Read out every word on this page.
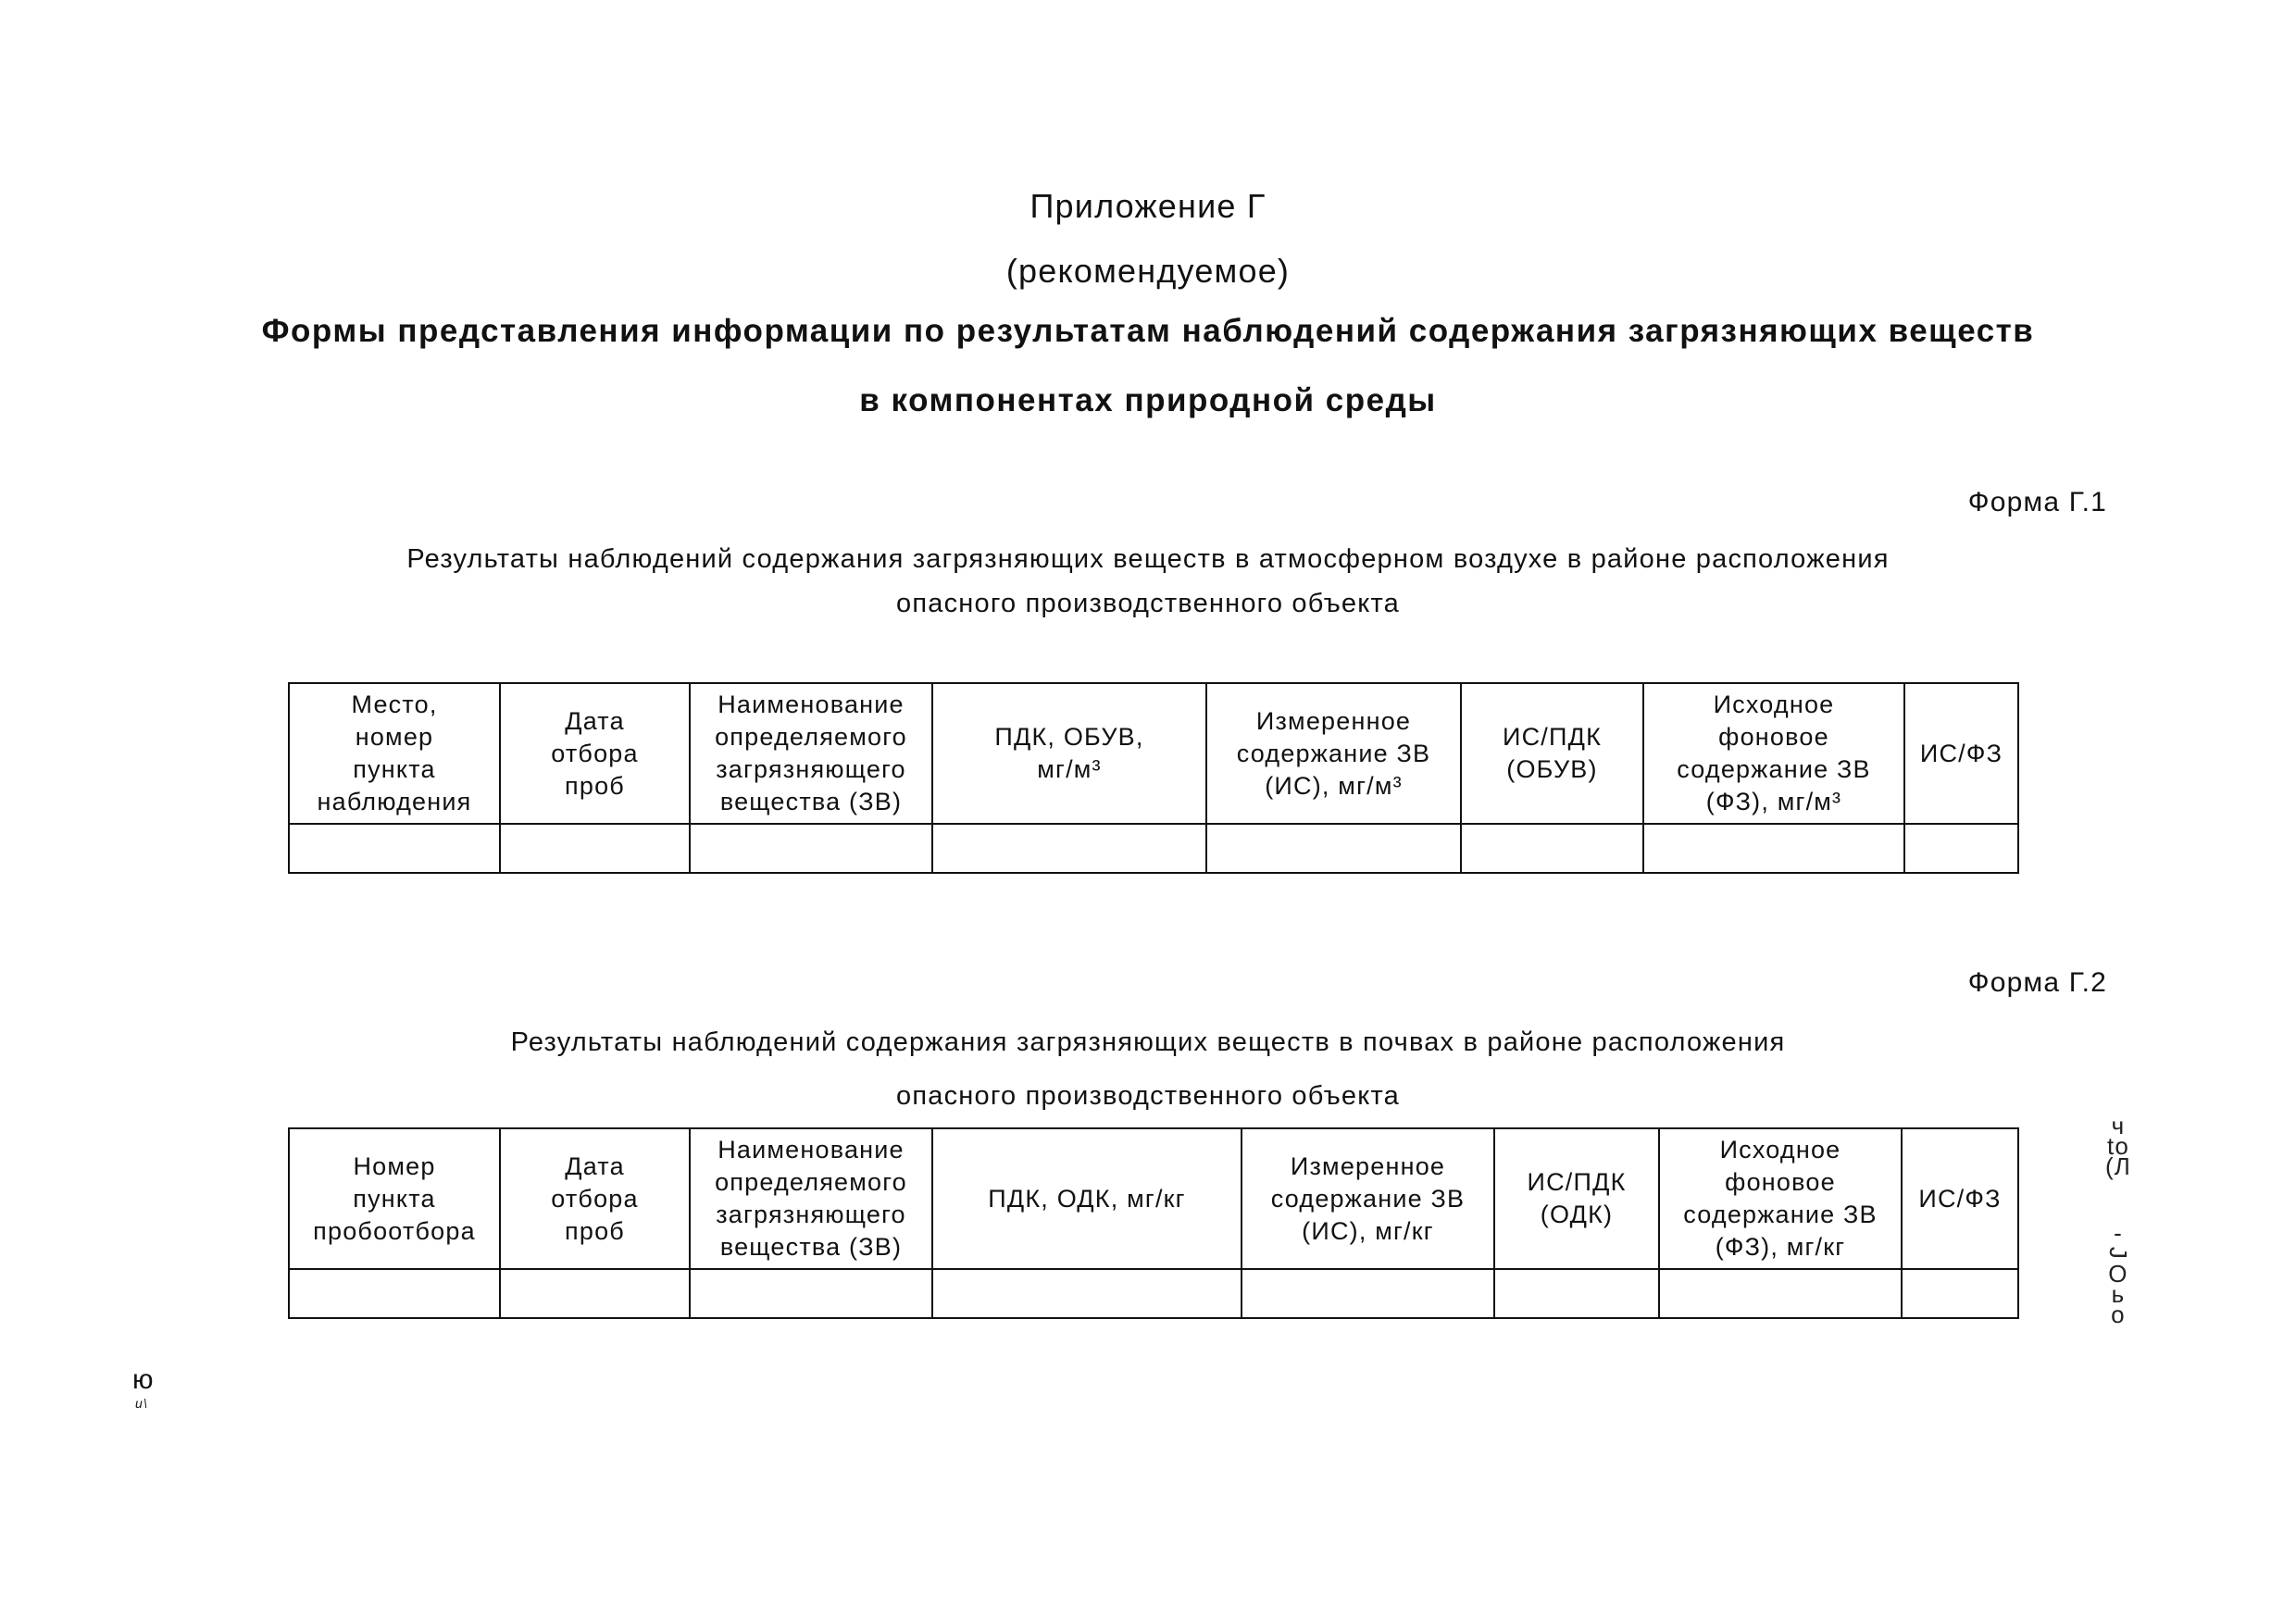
Приложение Г
(рекомендуемое)
Формы представления информации по результатам наблюдений содержания загрязняющих веществ
в компонентах природной среды
Форма Г.1
Результаты наблюдений содержания загрязняющих веществ в атмосферном воздухе в районе расположения
опасного производственного объекта
Место,
номер
пункта
наблюдения	Дата
отбора
проб	Наименование
определяемого
загрязняющего
вещества (ЗВ)	ПДК, ОБУВ,
мг/м³	Измеренное
содержание ЗВ
(ИС), мг/м³	ИС/ПДК
(ОБУВ)	Исходное
фоновое
содержание ЗВ
(ФЗ), мг/м³	ИС/ФЗ

Форма Г.2
Результаты наблюдений содержания загрязняющих веществ в почвах в районе расположения
опасного производственного объекта
Номер
пункта
пробоотбора	Дата
отбора
проб	Наименование
определяемого
загрязняющего
вещества (ЗВ)	ПДК, ОДК, мг/кг	Измеренное
содержание ЗВ
(ИС), мг/кг	ИС/ПДК
(ОДК)	Исходное
фоновое
содержание ЗВ
(ФЗ), мг/кг	ИС/ФЗ

ч
to
(Л
-
J
О
ь
о
ю
и\
